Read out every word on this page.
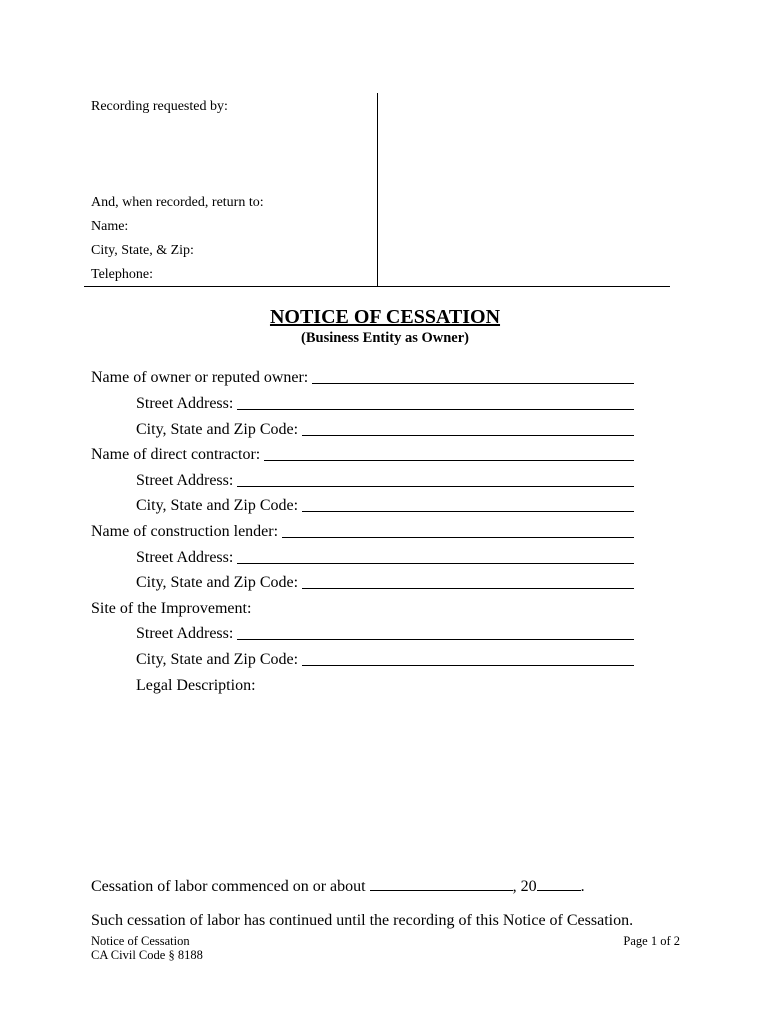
Recording requested by:
And, when recorded, return to:
Name:
City, State, & Zip:
Telephone:
NOTICE OF CESSATION
(Business Entity as Owner)
Name of owner or reputed owner:
Street Address:
City, State and Zip Code:
Name of direct contractor:
Street Address:
City, State and Zip Code:
Name of construction lender:
Street Address:
City, State and Zip Code:
Site of the Improvement:
Street Address:
City, State and Zip Code:
Legal Description:
Cessation of labor commenced on or about	, 20	.
Such cessation of labor has continued until the recording of this Notice of Cessation.
Notice of Cessation
CA Civil Code § 8188
Page 1 of 2
